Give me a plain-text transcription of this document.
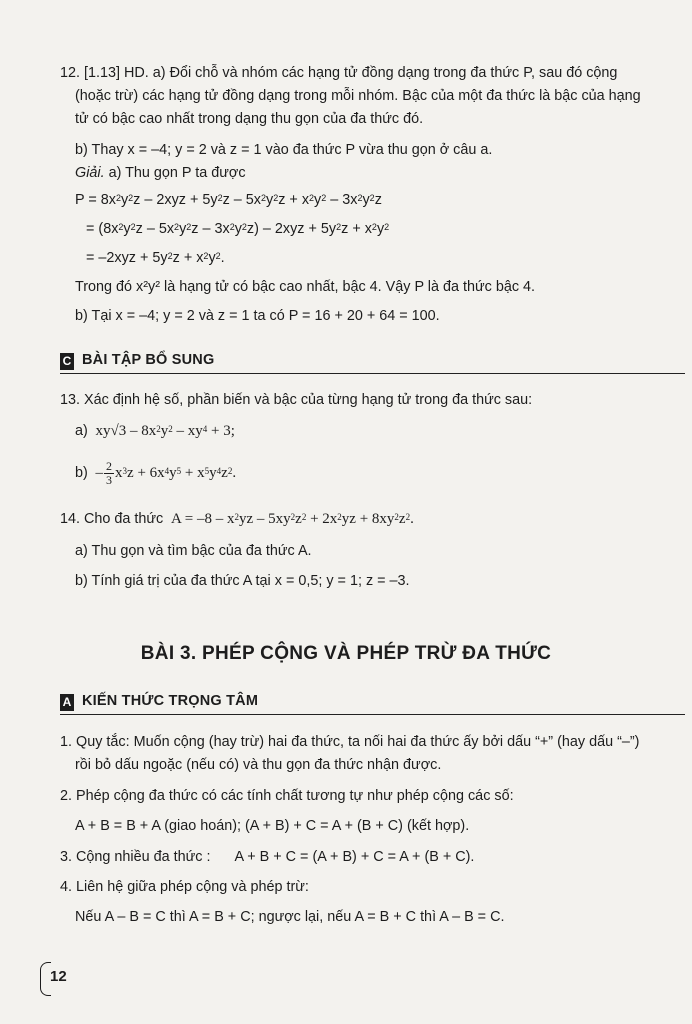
12. [1.13] HD. a) Đổi chỗ và nhóm các hạng tử đồng dạng trong đa thức P, sau đó cộng
(hoặc trừ) các hạng tử đồng dạng trong mỗi nhóm. Bậc của một đa thức là bậc của hạng
tử có bậc cao nhất trong dạng thu gọn của đa thức đó.
b) Thay x = –4; y = 2 và z = 1 vào đa thức P vừa thu gọn ở câu a.
Giải. a) Thu gọn P ta được
$P = 8x^2y^2z - 2xyz + 5y^2z - 5x^2y^2z + x^2y^2 - 3x^2y^2z$
= $(8x^2y^2z - 5x^2y^2z - 3x^2y^2z) - 2xyz + 5y^2z + x^2y^2$
= $-2xyz + 5y^2z + x^2y^2$.
Trong đó x²y² là hạng tử có bậc cao nhất, bậc 4. Vậy P là đa thức bậc 4.
b) Tại x = –4; y = 2 và z = 1 ta có P = 16 + 20 + 64 = 100.
C BÀI TẬP BỔ SUNG
13. Xác định hệ số, phần biến và bậc của từng hạng tử trong đa thức sau:
a)  $xy√3 - 8x^2y^2 - xy^4 + 3$;
$b) - \frac{2}{3} x^3z + 6x^4y^5 + x^5y^4z^2$.
14. Cho đa thức  $A = -8 - x^2yz - 5xy^2z^2 + 2x^2yz + 8xy^2z^2$.
a) Thu gọn và tìm bậc của đa thức A.
b) Tính giá trị của đa thức A tại x = 0,5; y = 1; z = –3.
BÀI 3. PHÉP CỘNG VÀ PHÉP TRỪ ĐA THỨC
A KIẾN THỨC TRỌNG TÂM
1. Quy tắc: Muốn cộng (hay trừ) hai đa thức, ta nối hai đa thức ấy bởi dấu “+” (hay dấu “–”)
rồi bỏ dấu ngoặc (nếu có) và thu gọn đa thức nhận được.
2. Phép cộng đa thức có các tính chất tương tự như phép cộng các số:
A + B = B + A (giao hoán); (A + B) + C = A + (B + C) (kết hợp).
3. Cộng nhiều đa thức : A + B + C = (A + B) + C = A + (B + C).
4. Liên hệ giữa phép cộng và phép trừ:
Nếu A – B = C thì A = B + C; ngược lại, nếu A = B + C thì A – B = C.
12
